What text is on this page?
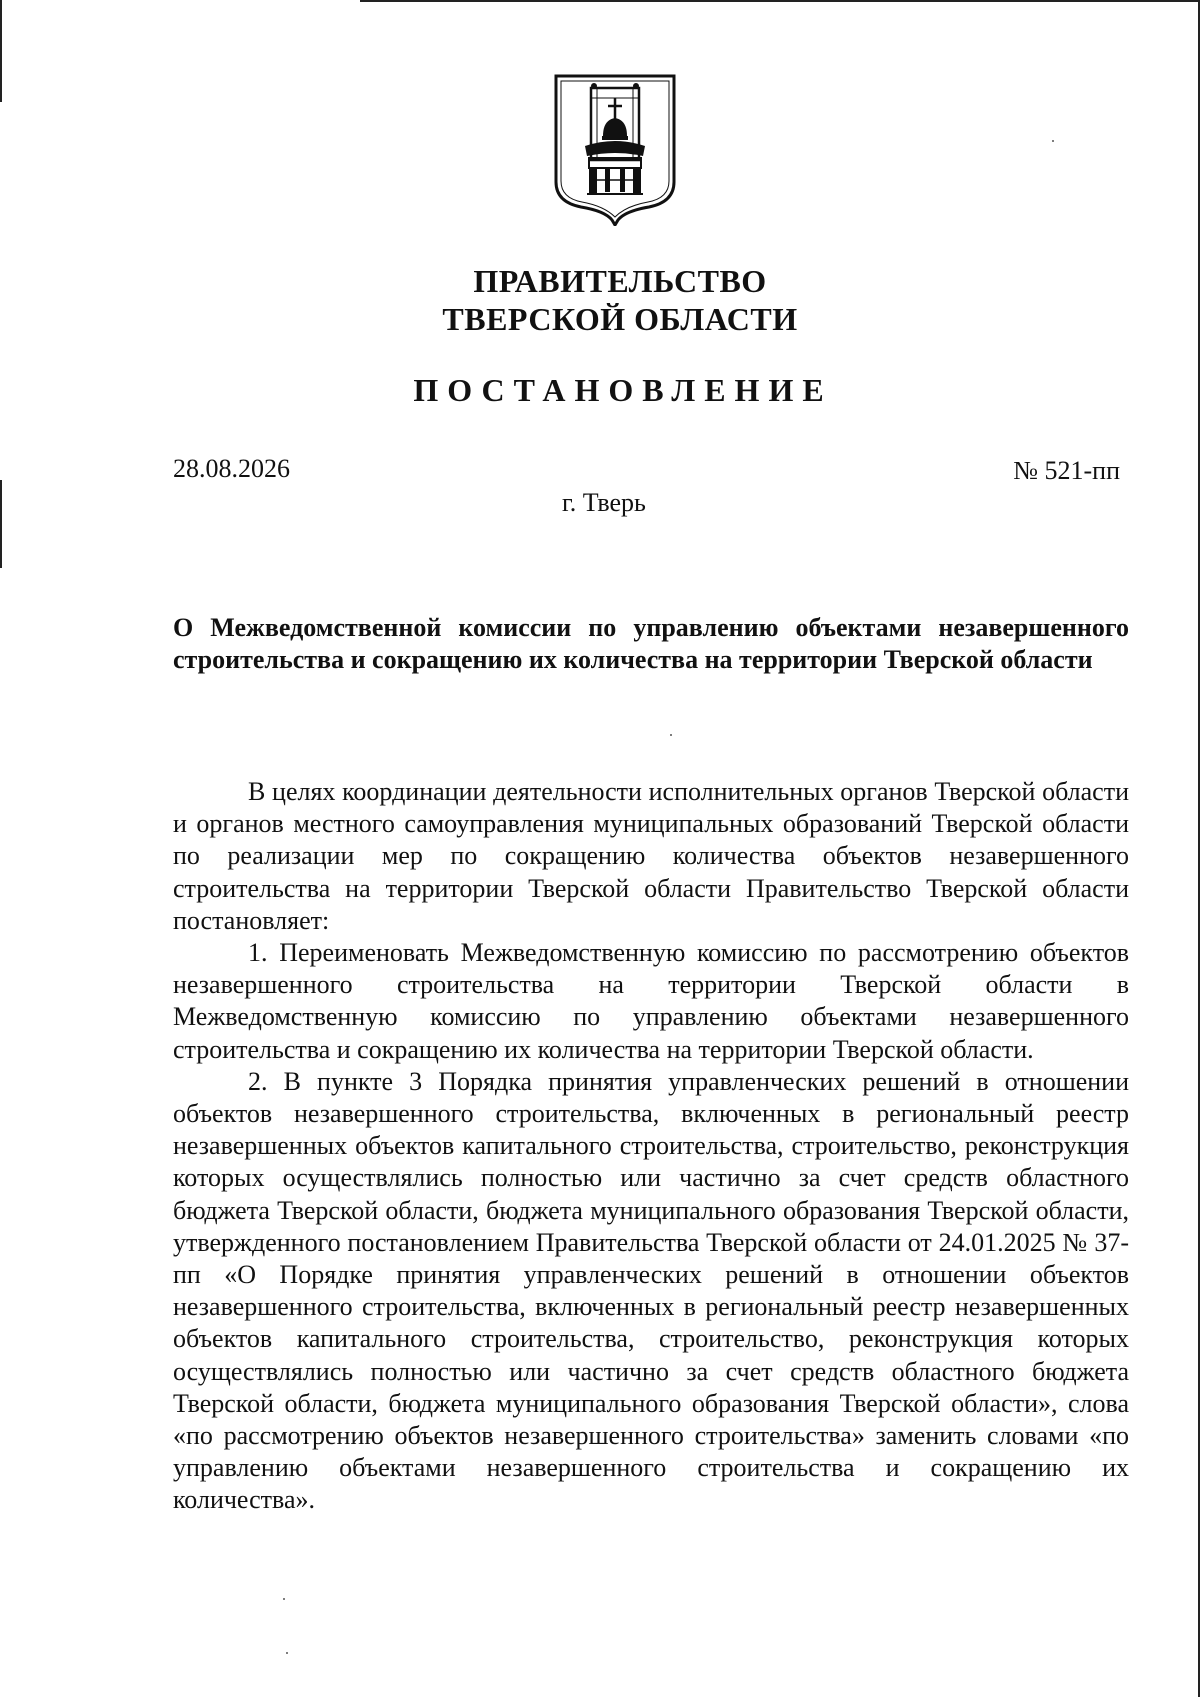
ПРАВИТЕЛЬСТВО
ТВЕРСКОЙ ОБЛАСТИ
ПОСТАНОВЛЕНИЕ
28.08.2026	№ 521-пп
г. Тверь
О Межведомственной комиссии по управлению объектами незавершенного строительства и сокращению их количества на территории Тверской области

В целях координации деятельности исполнительных органов Тверской области и органов местного самоуправления муниципальных образований Тверской области по реализации мер по сокращению количества объектов незавершенного строительства на территории Тверской области Правительство Тверской области постановляет:

1. Переименовать Межведомственную комиссию по рассмотрению объектов незавершенного строительства на территории Тверской области в Межведомственную комиссию по управлению объектами незавершенного строительства и сокращению их количества на территории Тверской области.

2. В пункте 3 Порядка принятия управленческих решений в отношении объектов незавершенного строительства, включенных в региональный реестр незавершенных объектов капитального строительства, строительство, реконструкция которых осуществлялись полностью или частично за счет средств областного бюджета Тверской области, бюджета муниципального образования Тверской области, утвержденного постановлением Правительства Тверской области от 24.01.2025 № 37-пп «О Порядке принятия управленческих решений в отношении объектов незавершенного строительства, включенных в региональный реестр незавершенных объектов капитального строительства, строительство, реконструкция которых осуществлялись полностью или частично за счет средств областного бюджета Тверской области, бюджета муниципального образования Тверской области», слова «по рассмотрению объектов незавершенного строительства» заменить словами «по управлению объектами незавершенного строительства и сокращению их количества».
